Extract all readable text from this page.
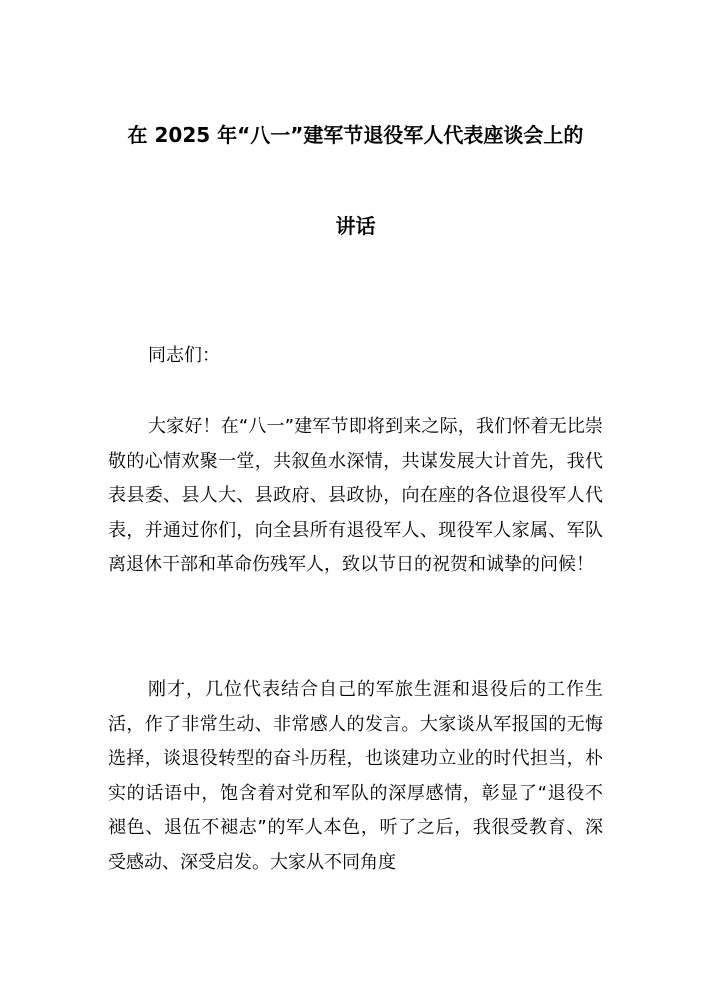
在 2025 年“八一”建军节退役军人代表座谈会上的
讲话
同志们：
大家好！在“八一”建军节即将到来之际，我们怀着无比崇敬的心情欢聚一堂，共叙鱼水深情，共谋发展大计首先，我代表县委、县人大、县政府、县政协，向在座的各位退役军人代表，并通过你们，向全县所有退役军人、现役军人家属、军队离退休干部和革命伤残军人，致以节日的祝贺和诚挚的问候！
刚才，几位代表结合自己的军旅生涯和退役后的工作生活，作了非常生动、非常感人的发言。大家谈从军报国的无悔选择，谈退役转型的奋斗历程，也谈建功立业的时代担当，朴实的话语中，饱含着对党和军队的深厚感情，彰显了“退役不褪色、退伍不褪志”的军人本色，听了之后，我很受教育、深受感动、深受启发。大家从不同角度
